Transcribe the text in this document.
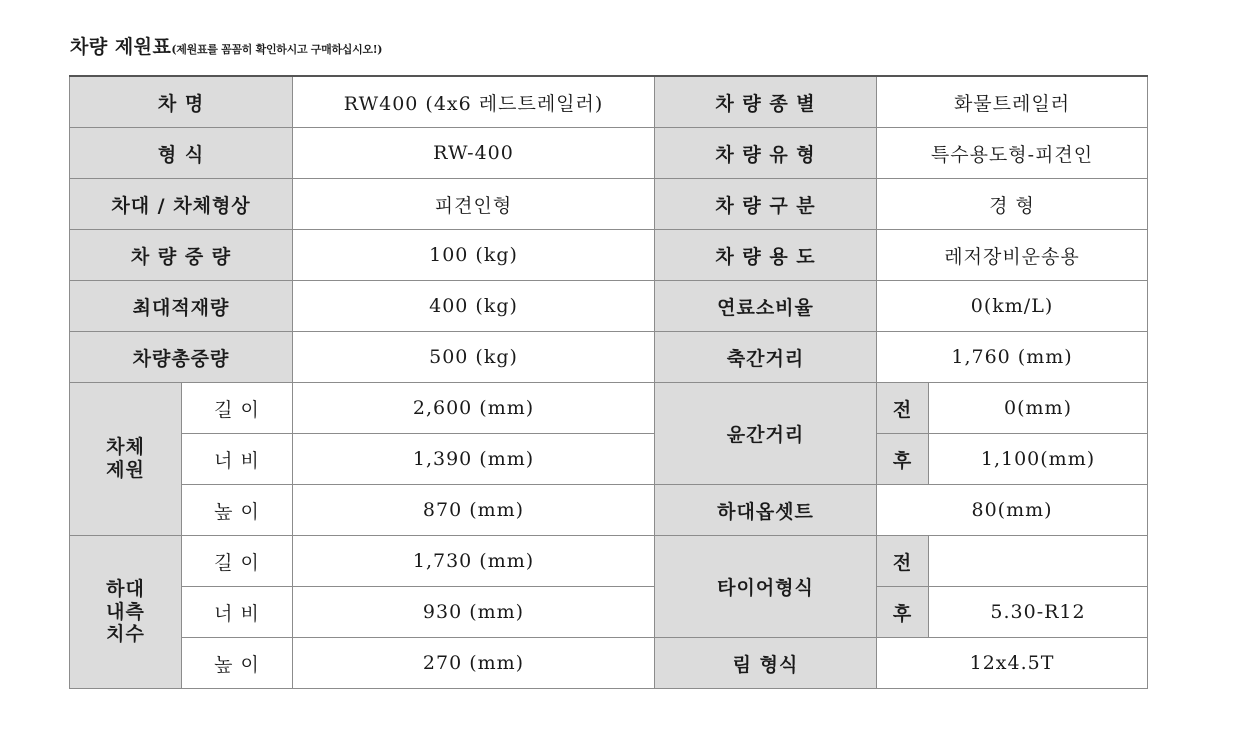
차량 제원표(제원표를 꼼꼼히 확인하시고 구매하십시오!)
차 명		RW400 (4x6 레드트레일러)	차 량 종 별	화물트레일러	
형 식		RW-400	차 량 유 형	특수용도형-피견인	
차대 / 차체형상		피견인형	차 량 구 분	경 형	
차 량 중 량		100 (kg)	차 량 용 도	레저장비운송용	
최대적재량		400 (kg)	연료소비율	0(km/L)	
차량총중량		500 (kg)	축간거리	1,760 (mm)	

차체
제원	길 이	2,600 (mm)	윤간거리	전	0(mm)
	너 비	1,390 (mm)		후	1,100(mm)
	높 이	870 (mm)	하대옵셋트	80(mm)	

하대
내측
치수	길 이	1,730 (mm)	타이어형식	전	
	너 비	930 (mm)		후	5.30-R12
	높 이	270 (mm)	림 형식	12x4.5T	
